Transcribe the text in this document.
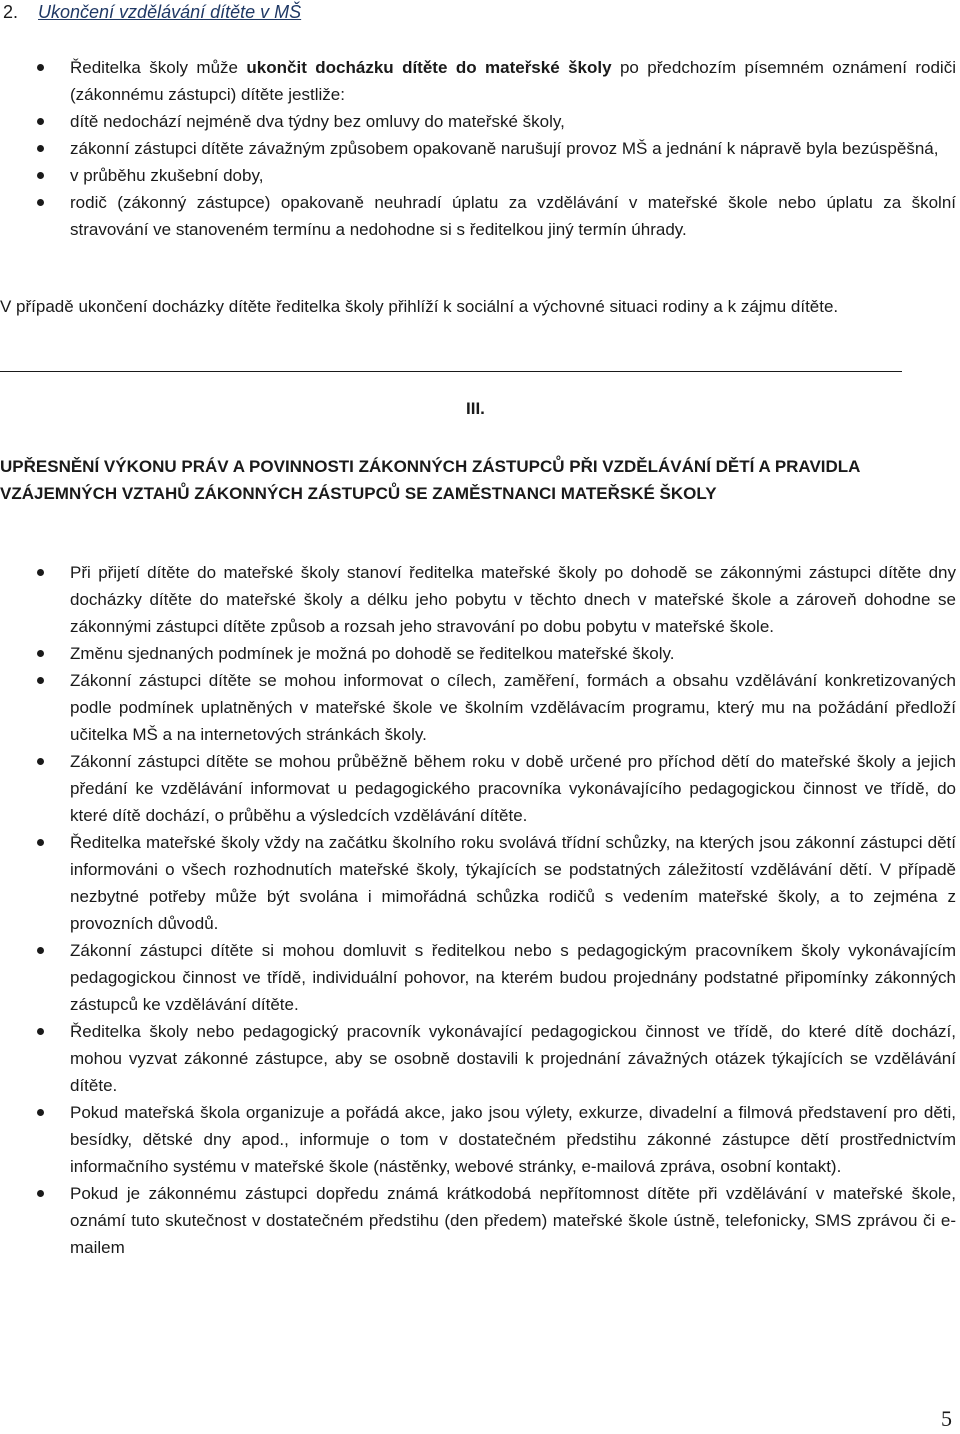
2. Ukončení vzdělávání dítěte v MŠ
Ředitelka školy může ukončit docházku dítěte do mateřské školy po předchozím písemném oznámení rodiči (zákonnému zástupci) dítěte jestliže:
dítě nedochází nejméně dva týdny bez omluvy do mateřské školy,
zákonní zástupci dítěte závažným způsobem opakovaně narušují provoz MŠ a jednání k nápravě byla bezúspěšná,
v průběhu zkušební doby,
rodič (zákonný zástupce) opakovaně neuhradí úplatu za vzdělávání v mateřské škole nebo úplatu za školní stravování ve stanoveném termínu a nedohodne si s ředitelkou jiný termín úhrady.

V případě ukončení docházky dítěte ředitelka školy přihlíží k sociální a výchovné situaci rodiny a k zájmu dítěte.

III.

UPŘESNĚNÍ VÝKONU PRÁV A POVINNOSTI ZÁKONNÝCH ZÁSTUPCŮ PŘI VZDĚLÁVÁNÍ DĚTÍ A PRAVIDLA VZÁJEMNÝCH VZTAHŮ ZÁKONNÝCH ZÁSTUPCŮ SE ZAMĚSTNANCI MATEŘSKÉ ŠKOLY

Při přijetí dítěte do mateřské školy stanoví ředitelka mateřské školy po dohodě se zákonnými zástupci dítěte dny docházky dítěte do mateřské školy a délku jeho pobytu v těchto dnech v mateřské škole a zároveň dohodne se zákonnými zástupci dítěte způsob a rozsah jeho stravování po dobu pobytu v mateřské škole.
Změnu sjednaných podmínek je možná po dohodě se ředitelkou mateřské školy.
Zákonní zástupci dítěte se mohou informovat o cílech, zaměření, formách a obsahu vzdělávání konkretizovaných podle podmínek uplatněných v mateřské škole ve školním vzdělávacím programu, který mu na požádání předloží učitelka MŠ a na internetových stránkách školy.
Zákonní zástupci dítěte se mohou průběžně během roku v době určené pro příchod dětí do mateřské školy a jejich předání ke vzdělávání informovat u pedagogického pracovníka vykonávajícího pedagogickou činnost ve třídě, do které dítě dochází, o průběhu a výsledcích vzdělávání dítěte.
Ředitelka mateřské školy vždy na začátku školního roku svolává třídní schůzky, na kterých jsou zákonní zástupci dětí informováni o všech rozhodnutích mateřské školy, týkajících se podstatných záležitostí vzdělávání dětí. V případě nezbytné potřeby může být svolána i mimořádná schůzka rodičů s vedením mateřské školy, a to zejména z provozních důvodů.
Zákonní zástupci dítěte si mohou domluvit s ředitelkou nebo s pedagogickým pracovníkem školy vykonávajícím pedagogickou činnost ve třídě, individuální pohovor, na kterém budou projednány podstatné připomínky zákonných zástupců ke vzdělávání dítěte.
Ředitelka školy nebo pedagogický pracovník vykonávající pedagogickou činnost ve třídě, do které dítě dochází, mohou vyzvat zákonné zástupce, aby se osobně dostavili k projednání závažných otázek týkajících se vzdělávání dítěte.
Pokud mateřská škola organizuje a pořádá akce, jako jsou výlety, exkurze, divadelní a filmová představení pro děti, besídky, dětské dny apod., informuje o tom v dostatečném předstihu zákonné zástupce dětí prostřednictvím informačního systému v mateřské škole (nástěnky, webové stránky, e-mailová zpráva, osobní kontakt).
Pokud je zákonnému zástupci dopředu známá krátkodobá nepřítomnost dítěte při vzdělávání v mateřské škole, oznámí tuto skutečnost v dostatečném předstihu (den předem) mateřské škole ústně, telefonicky, SMS zprávou či e-mailem

5
